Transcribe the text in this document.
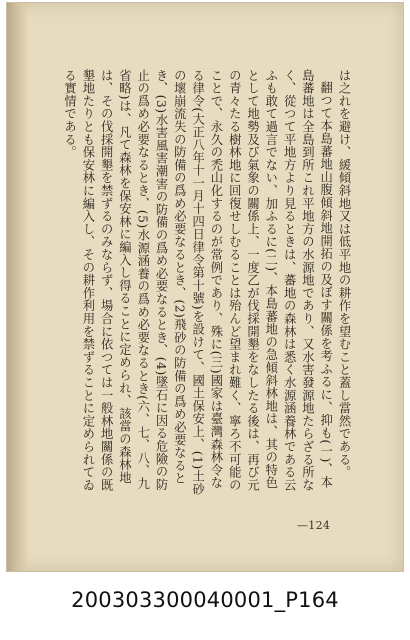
は之れを避け、緩傾斜地又は低平地の耕作を望むこと蓋し當然である。

翻つて本島蕃地山腹傾斜地開拓の及ぼす關係を考ふるに、抑も(一)、本島蕃地は全島到所これ平地方の水源地であり、又水害發源地たらざる所なく、從つて平地方より見るときは、蕃地の森林は悉く水源涵養林である云ふも敢て過言でない、加ふるに(二)、本島蕃地の急傾斜林地は、其の特色として地勢及び氣象の關係上、一度乙が伐採開墾をなしたる後は、再び元の青々たる樹林地に回復せしむることは殆んど望まれ難く、寧ろ不可能のことで、永久の禿山化するのが常例であり、殊に(三)國家は臺灣森林令なる律令(大正八年十一月十四日律令第十號)を設けて、國土保安上、(1)土砂の壞崩流失の防備の爲め必要なるとき、(2)飛砂の防備の爲め必要なるとき、(3)水害風害潮害の防備の爲め必要なるとき、(4)墜石に因る危險の防止の爲め必要なるとき、(5)水源涵養の爲め必要なるとき(六、七、八、九省略)は、凡て森林を保安林に編入し得ることに定められ、該當の森林地は、その伐採開墾を禁ずるのみならず、場合に依つては一般林地關係の既墾地たりとも保安林に編入し、その耕作利用を禁ずることに定められてゐる實情である。

—124
200303300040001_P164
